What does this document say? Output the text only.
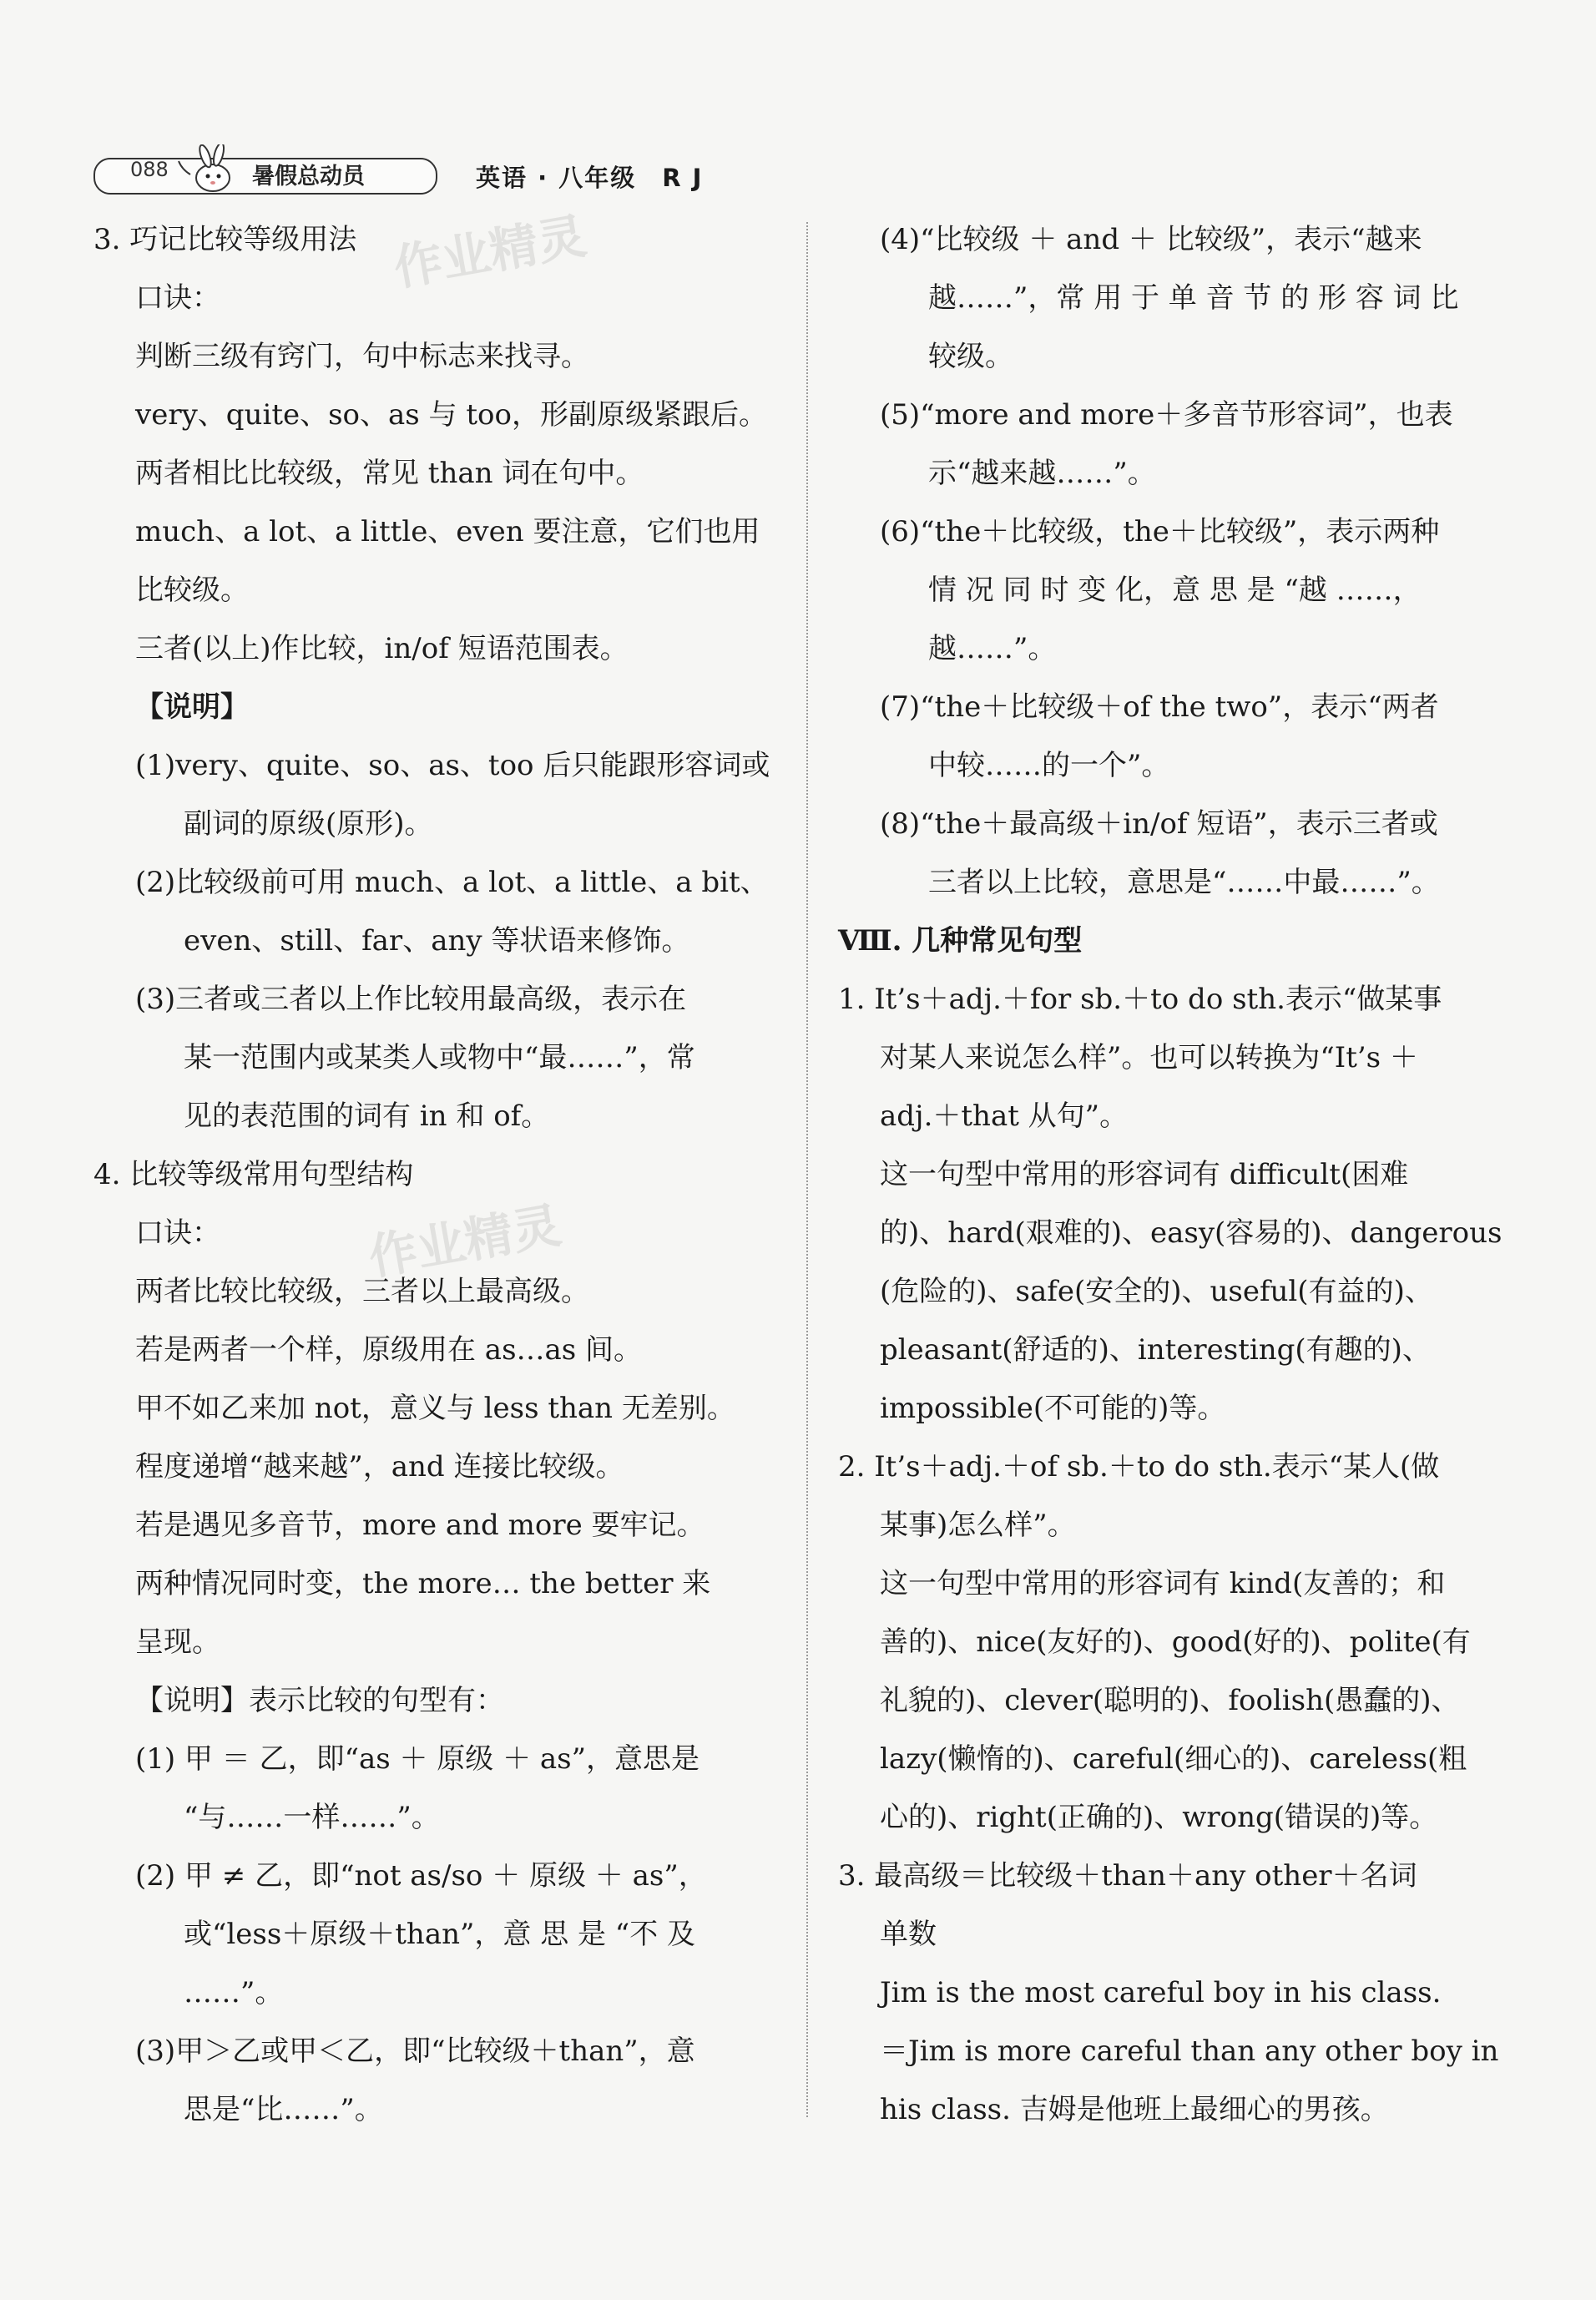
088	暑假总动员	英语 · 八年级　R J
作业精灵
作业精灵
3. 巧记比较等级用法
口诀：
判断三级有窍门，句中标志来找寻。
very、quite、so、as 与 too，形副原级紧跟后。
两者相比比较级，常见 than 词在句中。
much、a lot、a little、even 要注意，它们也用
比较级。
三者(以上)作比较，in/of 短语范围表。
【说明】
(1)very、quite、so、as、too 后只能跟形容词或
副词的原级(原形)。
(2)比较级前可用 much、a lot、a little、a bit、
even、still、far、any 等状语来修饰。
(3)三者或三者以上作比较用最高级，表示在
某一范围内或某类人或物中“最……”，常
见的表范围的词有 in 和 of。
4. 比较等级常用句型结构
口诀：
两者比较比较级，三者以上最高级。
若是两者一个样，原级用在 as…as 间。
甲不如乙来加 not，意义与 less than 无差别。
程度递增“越来越”，and 连接比较级。
若是遇见多音节，more and more 要牢记。
两种情况同时变，the more… the better 来
呈现。
【说明】表示比较的句型有：
(1) 甲 ＝ 乙，即“as ＋ 原级 ＋ as”，意思是
“与……一样……”。
(2) 甲 ≠ 乙，即“not as/so ＋ 原级 ＋ as”，
或“less＋原级＋than”，意 思 是 “不 及
……”。
(3)甲＞乙或甲＜乙，即“比较级＋than”，意
思是“比……”。
(4)“比较级 ＋ and ＋ 比较级”，表示“越来
越……”，常 用 于 单 音 节 的 形 容 词 比
较级。
(5)“more and more＋多音节形容词”，也表
示“越来越……”。
(6)“the＋比较级，the＋比较级”，表示两种
情 况 同 时 变 化，意 思 是 “越 ……，
越……”。
(7)“the＋比较级＋of the two”，表示“两者
中较……的一个”。
(8)“the＋最高级＋in/of 短语”，表示三者或
三者以上比较，意思是“……中最……”。
Ⅷ. 几种常见句型
1. It’s＋adj.＋for sb.＋to do sth.表示“做某事
对某人来说怎么样”。也可以转换为“It’s ＋
adj.＋that 从句”。
这一句型中常用的形容词有 difficult(困难
的)、hard(艰难的)、easy(容易的)、dangerous
(危险的)、safe(安全的)、useful(有益的)、
pleasant(舒适的)、interesting(有趣的)、
impossible(不可能的)等。
2. It’s＋adj.＋of sb.＋to do sth.表示“某人(做
某事)怎么样”。
这一句型中常用的形容词有 kind(友善的；和
善的)、nice(友好的)、good(好的)、polite(有
礼貌的)、clever(聪明的)、foolish(愚蠢的)、
lazy(懒惰的)、careful(细心的)、careless(粗
心的)、right(正确的)、wrong(错误的)等。
3. 最高级＝比较级＋than＋any other＋名词
单数
Jim is the most careful boy in his class.
＝Jim is more careful than any other boy in
his class. 吉姆是他班上最细心的男孩。
